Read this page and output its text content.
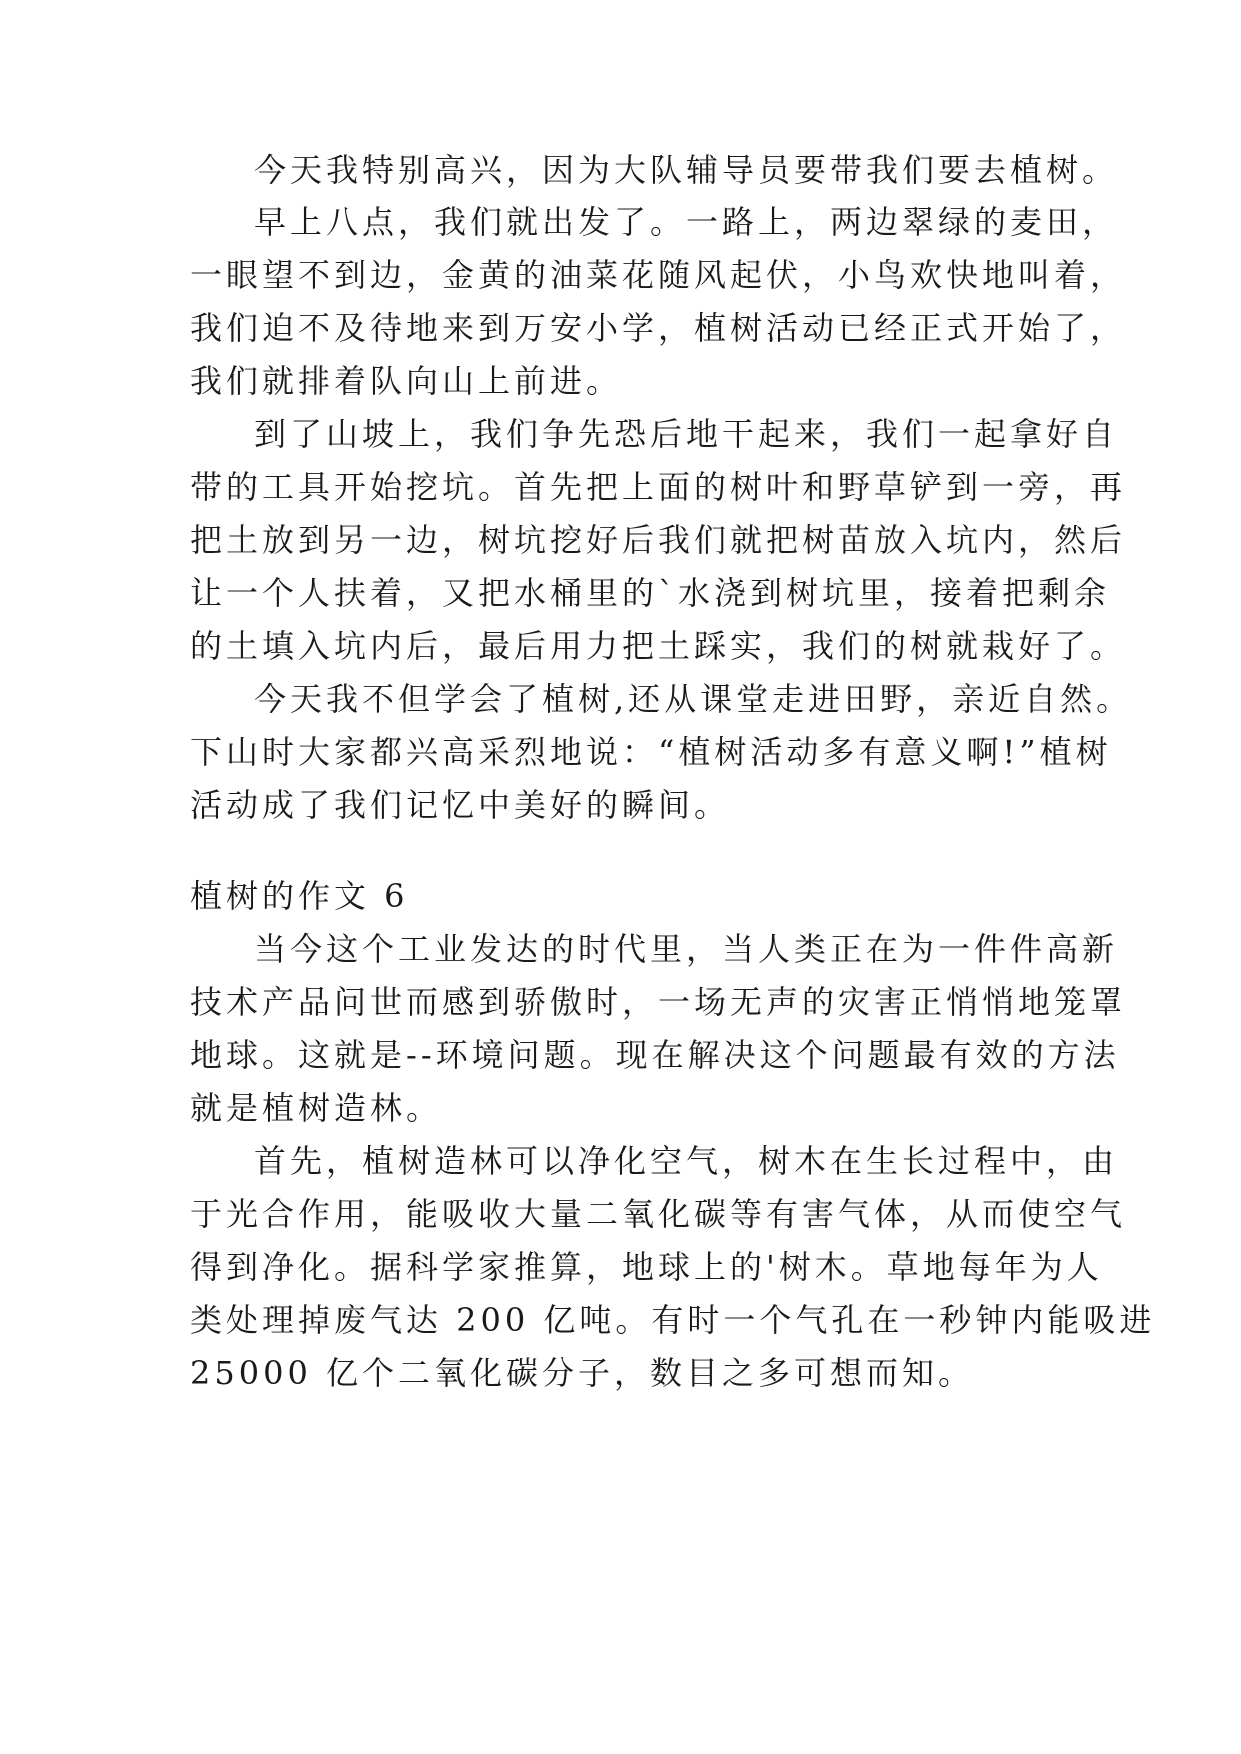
今天我特别高兴，因为大队辅导员要带我们要去植树。
早上八点，我们就出发了。一路上，两边翠绿的麦田，
一眼望不到边，金黄的油菜花随风起伏，小鸟欢快地叫着，
我们迫不及待地来到万安小学，植树活动已经正式开始了，
我们就排着队向山上前进。
到了山坡上，我们争先恐后地干起来，我们一起拿好自
带的工具开始挖坑。首先把上面的树叶和野草铲到一旁，再
把土放到另一边，树坑挖好后我们就把树苗放入坑内，然后
让一个人扶着，又把水桶里的`水浇到树坑里，接着把剩余
的土填入坑内后，最后用力把土踩实，我们的树就栽好了。
今天我不但学会了植树,还从课堂走进田野，亲近自然。
下山时大家都兴高采烈地说：“植树活动多有意义啊!”植树
活动成了我们记忆中美好的瞬间。
植树的作文 6
当今这个工业发达的时代里，当人类正在为一件件高新
技术产品问世而感到骄傲时，一场无声的灾害正悄悄地笼罩
地球。这就是--环境问题。现在解决这个问题最有效的方法
就是植树造林。
首先，植树造林可以净化空气，树木在生长过程中，由
于光合作用，能吸收大量二氧化碳等有害气体，从而使空气
得到净化。据科学家推算，地球上的'树木。草地每年为人
类处理掉废气达 200 亿吨。有时一个气孔在一秒钟内能吸进
25000 亿个二氧化碳分子，数目之多可想而知。
